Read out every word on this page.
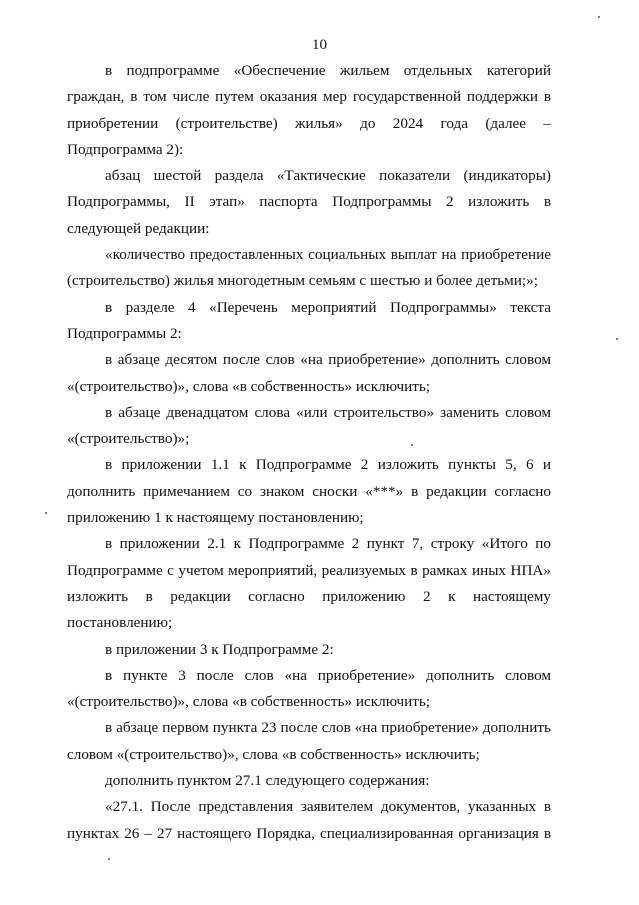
10

в подпрограмме «Обеспечение жильем отдельных категорий граждан, в том числе путем оказания мер государственной поддержки в приобретении (строительстве) жилья» до 2024 года (далее – Подпрограмма 2):

абзац шестой раздела «Тактические показатели (индикаторы) Подпрограммы, II этап» паспорта Подпрограммы 2 изложить в следующей редакции:

«количество предоставленных социальных выплат на приобретение (строительство) жилья многодетным семьям с шестью и более детьми;»;

в разделе 4 «Перечень мероприятий Подпрограммы» текста Подпрограммы 2:

в абзаце десятом после слов «на приобретение» дополнить словом «(строительство)», слова «в собственность» исключить;

в абзаце двенадцатом слова «или строительство» заменить словом «(строительство)»;

в приложении 1.1 к Подпрограмме 2 изложить пункты 5, 6 и дополнить примечанием со знаком сноски «***» в редакции согласно приложению 1 к настоящему постановлению;

в приложении 2.1 к Подпрограмме 2 пункт 7, строку «Итого по Подпрограмме с учетом мероприятий, реализуемых в рамках иных НПА» изложить в редакции согласно приложению 2 к настоящему постановлению;

в приложении 3 к Подпрограмме 2:

в пункте 3 после слов «на приобретение» дополнить словом «(строительство)», слова «в собственность» исключить;

в абзаце первом пункта 23 после слов «на приобретение» дополнить словом «(строительство)», слова «в собственность» исключить;

дополнить пунктом 27.1 следующего содержания:

«27.1. После представления заявителем документов, указанных в пунктах 26 – 27 настоящего Порядка, специализированная организация в
